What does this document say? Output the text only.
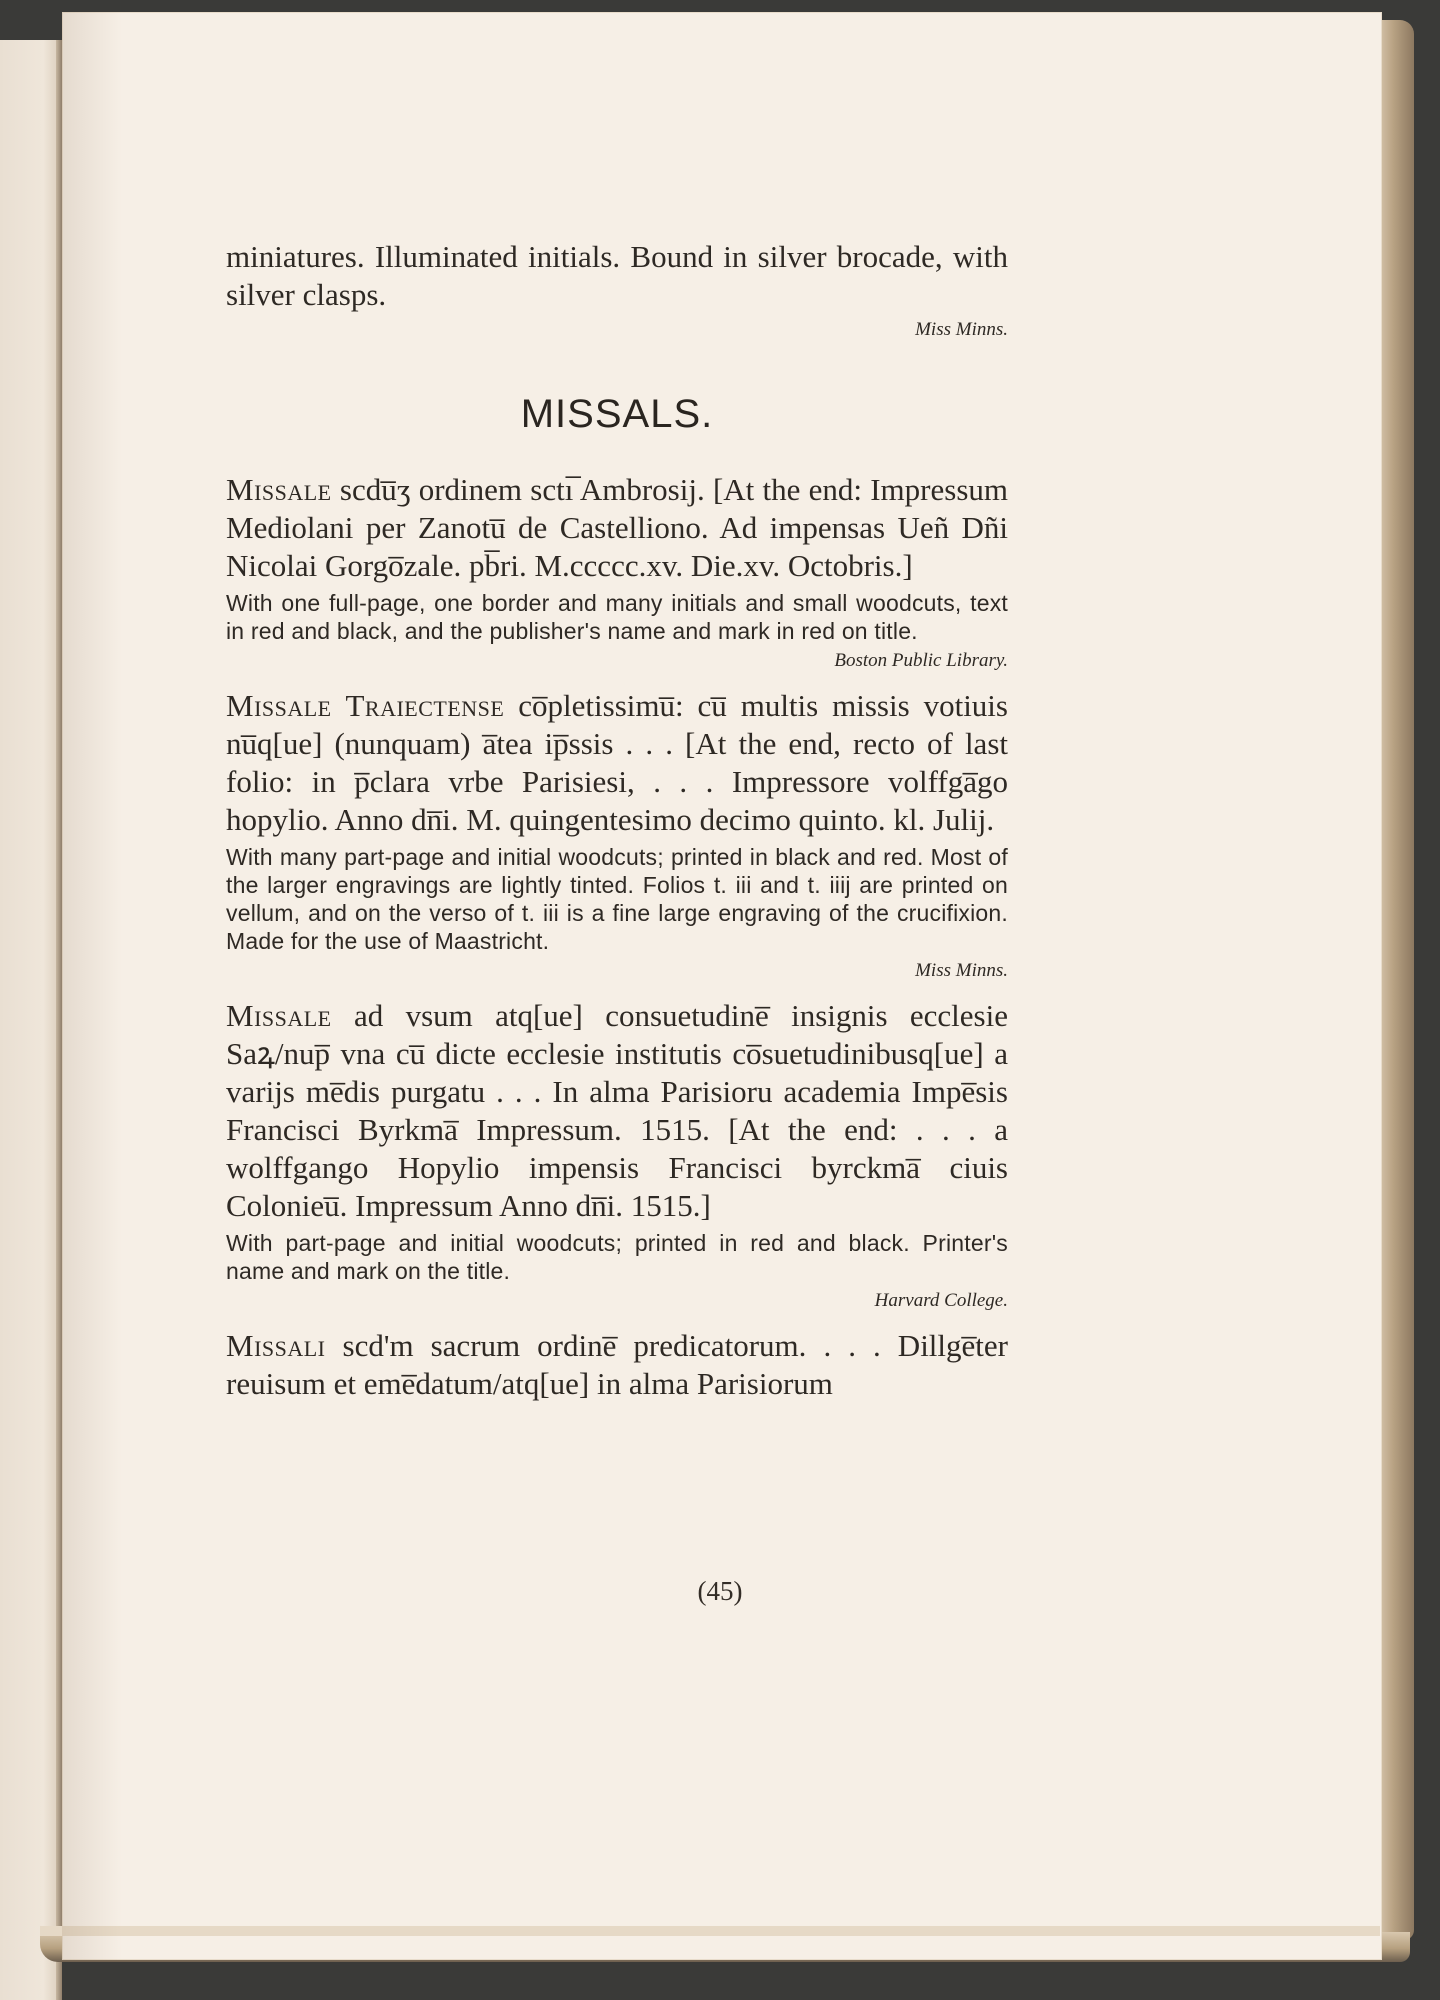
miniatures. Illuminated initials. Bound in silver brocade, with silver clasps.
Miss Minns.
MISSALS.
Missale scdu̅ʒ ordinem sctı̅ Ambrosij. [At the end: Impressum Mediolani per Zanotu̅ de Castelliono. Ad impensas Ueñ Dñi Nicolai Gorgo̅zale. pb̅ri. M.ccccc.xv. Die.xv. Octobris.]
With one full-page, one border and many initials and small woodcuts, text in red and black, and the publisher's name and mark in red on title.
Boston Public Library.
Missale Traiectense co̅pletissimu̅: cu̅ multis missis votiuis nu̅q[ue] (nunquam) a̅tea ip̅ssis . . . [At the end, recto of last folio: in p̅clara vrbe Parisiesi, . . . Impressore volffga̅go hopylio. Anno dn̅i. M. quingentesimo decimo quinto. kl. Julij.
With many part-page and initial woodcuts; printed in black and red. Most of the larger engravings are lightly tinted. Folios t. iii and t. iiij are printed on vellum, and on the verso of t. iii is a fine large engraving of the crucifixion. Made for the use of Maastricht.
Miss Minns.
Missale ad vsum atq[ue] consuetudine̅ insignis ecclesie Saꝝ/nup̅ vna cu̅ dicte ecclesie institutis co̅suetudinibusq[ue] a varijs me̅dis purgatu . . . In alma Parisioru academia Impe̅sis Francisci Byrkma̅ Impressum. 1515. [At the end: . . . a wolffgango Hopylio impensis Francisci byrckma̅ ciuis Colonieu̅. Impressum Anno dn̅i. 1515.]
With part-page and initial woodcuts; printed in red and black. Printer's name and mark on the title.
Harvard College.
Missali scd'm sacrum ordine̅ predicatorum. . . . Dillge̅ter reuisum et eme̅datum/atq[ue] in alma Parisiorum
(45)
